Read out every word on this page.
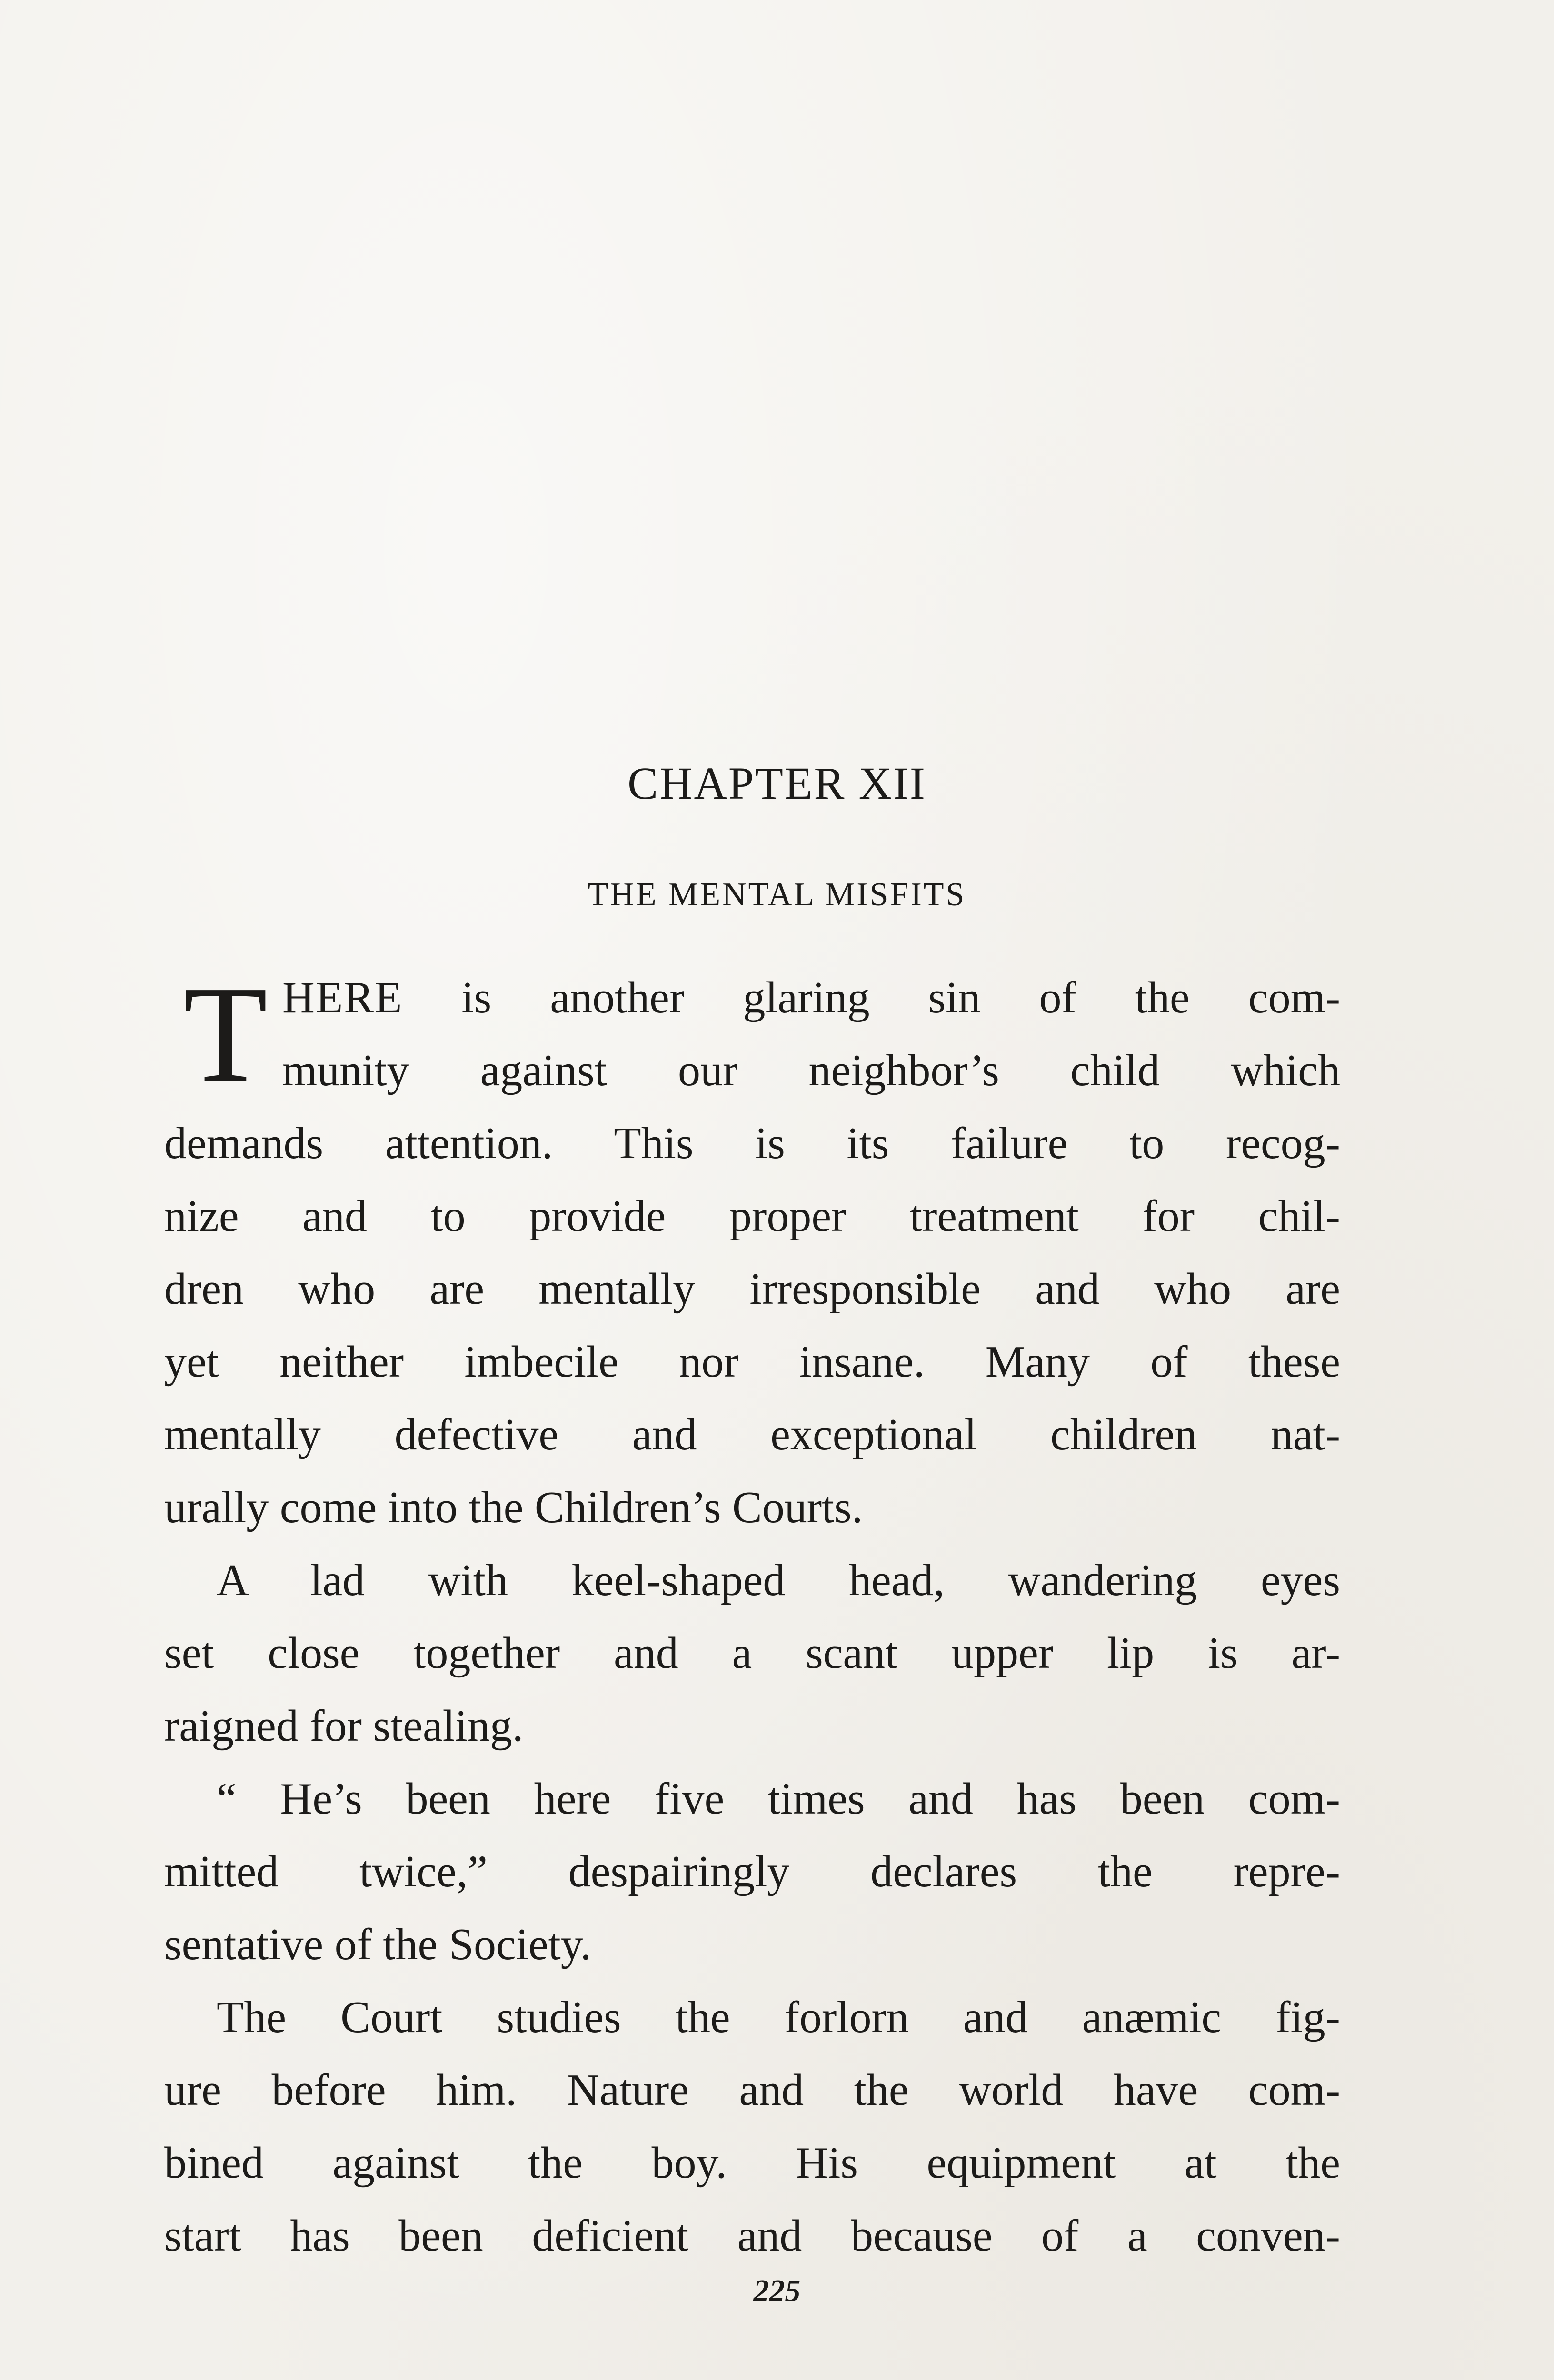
CHAPTER XII
THE MENTAL MISFITS
T HERE is another glaring sin of the com-
munity against our neighbor’s child which
demands attention. This is its failure to recog-
nize and to provide proper treatment for chil-
dren who are mentally irresponsible and who are
yet neither imbecile nor insane. Many of these
mentally defective and exceptional children nat-
urally come into the Children’s Courts.
A lad with keel-shaped head, wandering eyes
set close together and a scant upper lip is ar-
raigned for stealing.
“ He’s been here five times and has been com-
mitted twice,” despairingly declares the repre-
sentative of the Society.
The Court studies the forlorn and anæmic fig-
ure before him. Nature and the world have com-
bined against the boy. His equipment at the
start has been deficient and because of a conven-
225
